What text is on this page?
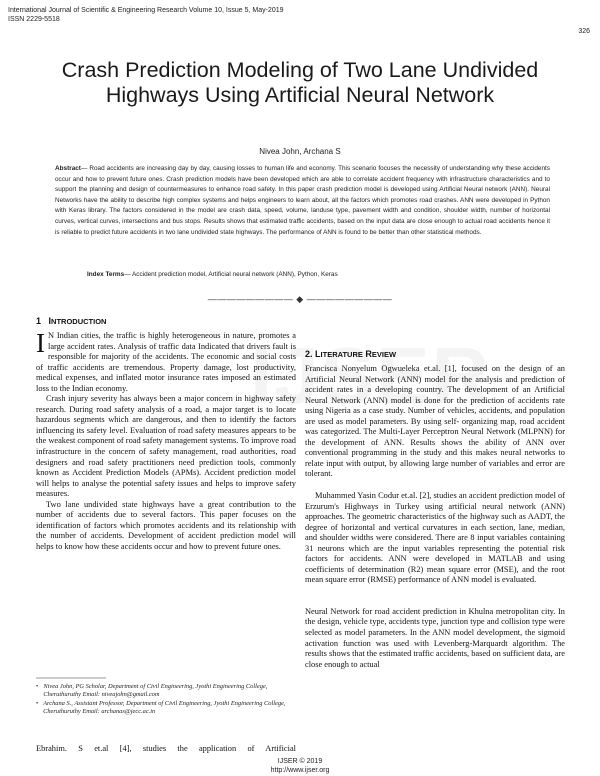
International Journal of Scientific & Engineering Research Volume 10, Issue 5, May-2019
ISSN 2229-5518
326
Crash Prediction Modeling of Two Lane Undivided Highways Using Artificial Neural Network
Nivea John, Archana S
Abstract— Road accidents are increasing day by day, causing losses to human life and economy. This scenario focuses the necessity of understanding why these accidents occur and how to prevent future ones. Crash prediction models have been developed which are able to correlate accident frequency with infrastructure characteristics and to support the planning and design of countermeasures to enhance road safety. In this paper crash prediction model is developed using Artificial Neural network (ANN). Neural Networks have the ability to describe high complex systems and helps engineers to learn about, all the factors which promotes road crashes. ANN were developed in Python with Keras library. The factors considered in the model are crash data, speed, volume, landuse type, pavement width and condition, shoulder width, number of horizontal curves, vertical curves, intersections and bus stops. Results shows that estimated traffic accidents, based on the input data are close enough to actual road accidents hence it is reliable to predict future accidents in two lane undivided state highways. The performance of ANN is found to be better than other statistical methods.
Index Terms— Accident prediction model, Artificial neural network (ANN), Python, Keras
————————— ◆ —————————
1 INTRODUCTION

I N Indian cities, the traffic is highly heterogeneous in nature, promotes a large accident rates. Analysis of traffic data Indicated that drivers fault is responsible for majority of the accidents. The economic and social costs of traffic accidents are tremendous. Property damage, lost productivity, medical expenses, and inflated motor insurance rates imposed an estimated loss to the Indian economy.

Crash injury severity has always been a major concern in highway safety research. During road safety analysis of a road, a major target is to locate hazardous segments which are dangerous, and then to identify the factors influencing its safety level. Evaluation of road safety measures appears to be the weakest component of road safety management systems. To improve road infrastructure in the concern of safety management, road authorities, road designers and road safety practitioners need prediction tools, commonly known as Accident Prediction Models (APMs). Accident prediction model will helps to analyse the potential safety issues and helps to improve safety measures.

Two lane undivided state highways have a great contribution to the number of accidents due to several factors. This paper focuses on the identification of factors which promotes accidents and its relationship with the number of accidents. Development of accident prediction model will helps to know how these accidents occur and how to prevent future ones.

• Nivea John, PG Scholar, Department of Civil Engineering, Jyothi Engineering College, Cheruthuruthy Email: niveajohn@gmail.com
• Archana S., Assistant Professor, Department of Civil Engineering, Jyothi Engineering College, Cheruthuruthy Email: archanas@jecc.ac.in
Ebrahim. S et.al [4], studies the application of Artificial
2. LITERATURE REVIEW

Francisca Nonyelum Ogwueleka et.al. [1], focused on the design of an Artificial Neural Network (ANN) model for the analysis and prediction of accident rates in a developing country. The development of an Artificial Neural Network (ANN) model is done for the prediction of accidents rate using Nigeria as a case study. Number of vehicles, accidents, and population are used as model parameters. By using self- organizing map, road accident was categorized. The Multi-Layer Perceptron Neural Network (MLPNN) for the development of ANN. Results shows the ability of ANN over conventional programming in the study and this makes neural networks to relate input with output, by allowing large number of variables and error are tolerant.

Muhammed Yasin Codur et.al. [2], studies an accident prediction model of Erzurum's Highways in Turkey using artificial neural network (ANN) approaches. The geometric characteristics of the highway such as AADT, the degree of horizontal and vertical curvatures in each section, lane, median, and shoulder widths were considered. There are 8 input variables containing 31 neurons which are the input variables representing the potential risk factors for accidents. ANN were developed in MATLAB and using coefficients of determination (R2) mean square error (MSE), and the root mean square error (RMSE) performance of ANN model is evaluated.

Neural Network for road accident prediction in Khulna metropolitan city. In the design, vehicle type, accidents type, junction type and collision type were selected as model parameters. In the ANN model development, the sigmoid activation function was used with Levenberg-Marquardt algorithm. The results shows that the estimated traffic accidents, based on sufficient data, are close enough to actual

IJSER © 2019
http://www.ijser.org
